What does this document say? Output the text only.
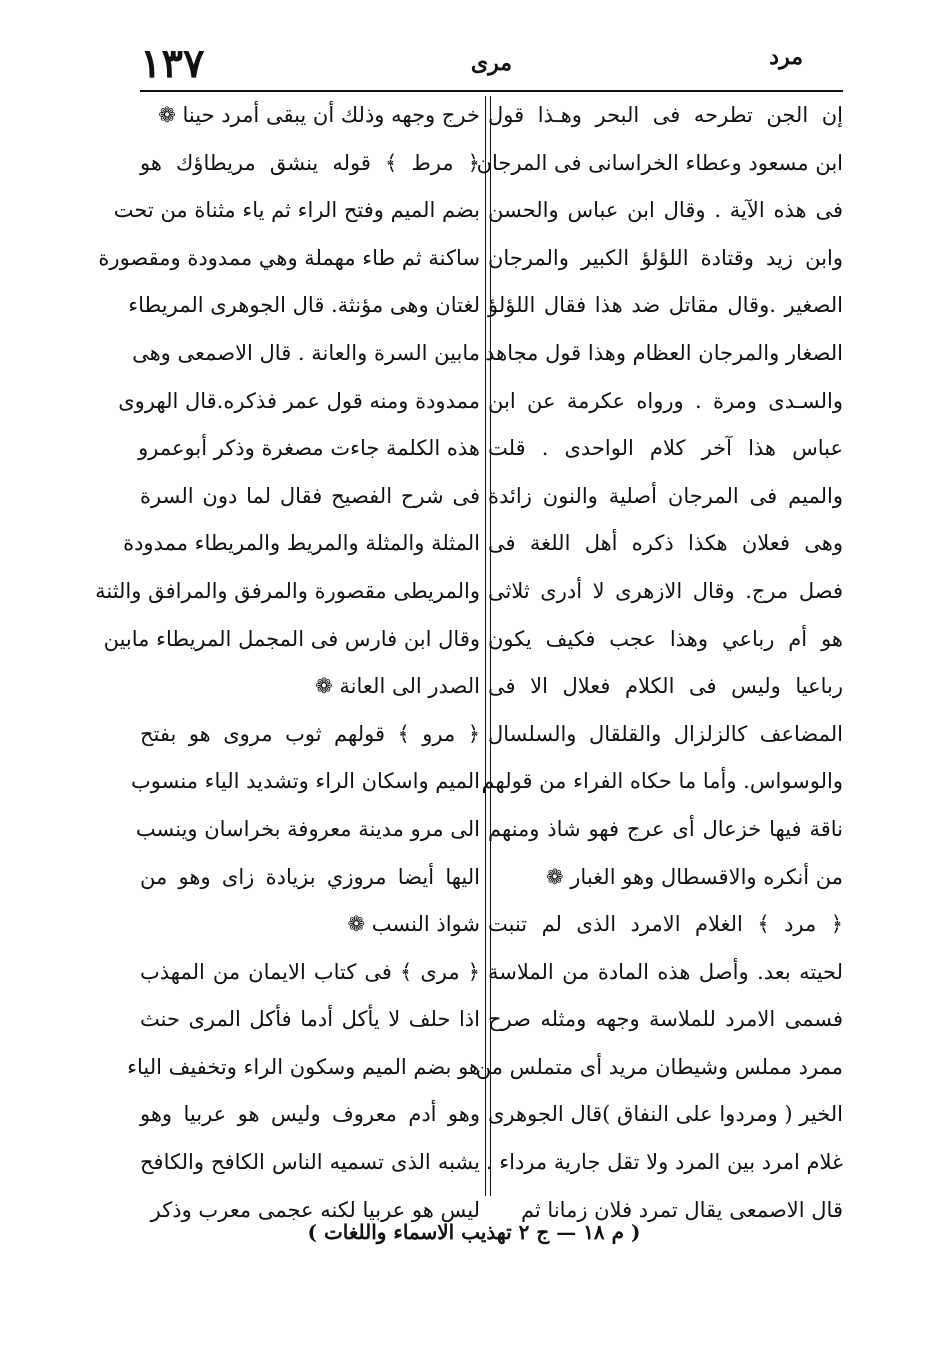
١٣٧	مرى	مرد
إن الجن تطرحه فى البحر وهـذا قول
ابن مسعود وعطاء الخراسانى فى المرجان
فى هذه الآية . وقال ابن عباس والحسن
وابن زيد وقتادة اللؤلؤ الكبير والمرجان
الصغير .وقال مقاتل ضد هذا فقال اللؤلؤ
الصغار والمرجان العظام وهذا قول مجاهد
والسـدى ومرة . ورواه عكرمة عن ابن
عباس هذا آخر كلام الواحدى . قلت
والميم فى المرجان أصلية والنون زائدة
وهى فعلان هكذا ذكره أهل اللغة فى
فصل مرج. وقال الازهرى لا أدرى ثلاثى
هو أم رباعي وهذا عجب فكيف يكون
رباعيا وليس فى الكلام فعلال الا فى
المضاعف كالزلزال والقلقال والسلسال
والوسواس. وأما ما حكاه الفراء من قولهم
ناقة فيها خزعال أى عرج فهو شاذ ومنهم
من أنكره والاقسطال وهو الغبار ❁
﴿ مرد ﴾ الغلام الامرد الذى لم تنبت
لحيته بعد. وأصل هذه المادة من الملاسة
فسمى الامرد للملاسة وجهه ومثله صرح
ممرد مملس وشيطان مريد أى متملس من
الخير ( ومردوا على النفاق )قال الجوهرى
غلام امرد بين المرد ولا تقل جارية مرداء .
قال الاصمعى يقال تمرد فلان زمانا ثم
خرج وجهه وذلك أن يبقى أمرد حينا ❁
﴿ مرط ﴾ قوله ينشق مريطاؤك هو
بضم الميم وفتح الراء ثم ياء مثناة من تحت
ساكنة ثم طاء مهملة وهي ممدودة ومقصورة
لغتان وهى مؤنثة. قال الجوهرى المريطاء
مابين السرة والعانة . قال الاصمعى وهى
ممدودة ومنه قول عمر فذكره.قال الهروى
هذه الكلمة جاءت مصغرة وذكر أبوعمرو
فى شرح الفصيح فقال لما دون السرة
المثلة والمثلة والمريط والمريطاء ممدودة
والمريطى مقصورة والمرفق والمرافق والثنة
وقال ابن فارس فى المجمل المريطاء مابين
الصدر الى العانة ❁
﴿ مرو ﴾ قولهم ثوب مروى هو بفتح
الميم واسكان الراء وتشديد الياء منسوب
الى مرو مدينة معروفة بخراسان وينسب
اليها أيضا مروزي بزيادة زاى وهو من
شواذ النسب ❁
﴿ مرى ﴾ فى كتاب الايمان من المهذب
اذا حلف لا يأكل أدما فأكل المرى حنث
هو بضم الميم وسكون الراء وتخفيف الياء
وهو أدم معروف وليس هو عربيا وهو
يشبه الذى تسميه الناس الكافح والكافح
ليس هو عربيا لكنه عجمى معرب وذكر
( م ١٨ — ج ٢ تهذيب الاسماء واللغات )
